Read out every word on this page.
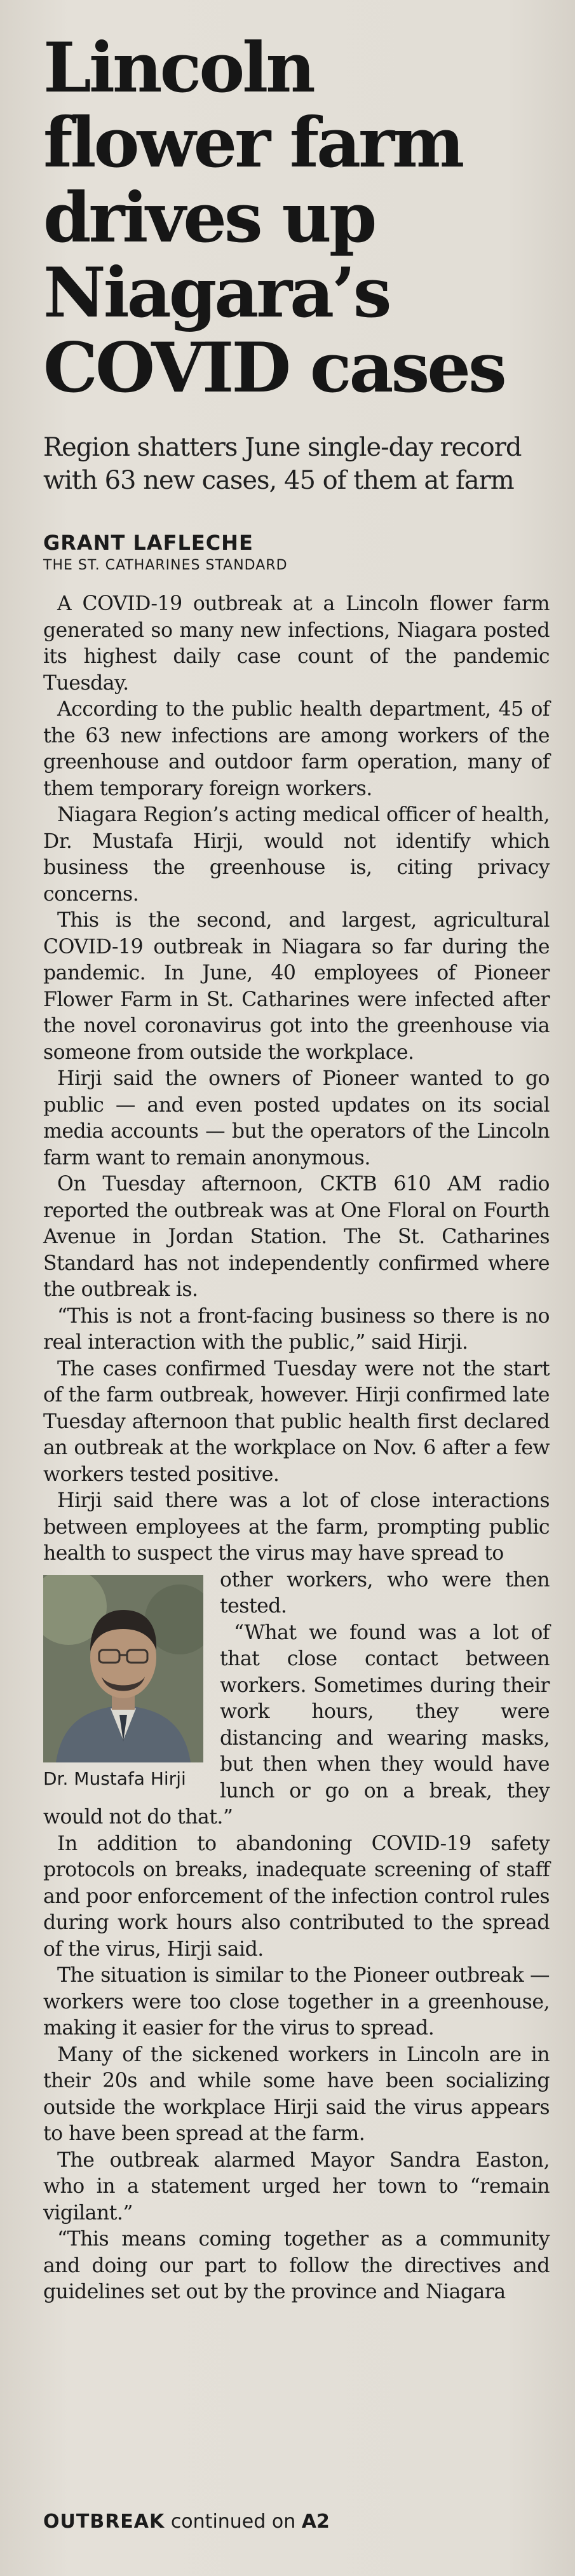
Lincoln flower farm drives up Niagara’s COVID cases
Region shatters June single-day record with 63 new cases, 45 of them at farm
GRANT LAFLECHE
THE ST. CATHARINES STANDARD

A COVID-19 outbreak at a Lincoln flower farm generated so many new infections, Niagara posted its highest daily case count of the pandemic Tuesday.

According to the public health department, 45 of the 63 new infections are among workers of the greenhouse and outdoor farm operation, many of them temporary foreign workers.

Niagara Region’s acting medical officer of health, Dr. Mustafa Hirji, would not identify which business the greenhouse is, citing privacy concerns.

This is the second, and largest, agricultural COVID-19 outbreak in Niagara so far during the pandemic. In June, 40 employees of Pioneer Flower Farm in St. Catharines were infected after the novel coronavirus got into the greenhouse via someone from outside the workplace.

Hirji said the owners of Pioneer wanted to go public — and even posted updates on its social media accounts — but the operators of the Lincoln farm want to remain anonymous.

On Tuesday afternoon, CKTB 610 AM radio reported the outbreak was at One Floral on Fourth Avenue in Jordan Station. The St. Catharines Standard has not independently confirmed where the outbreak is.

“This is not a front-facing business so there is no real interaction with the public,” said Hirji.

The cases confirmed Tuesday were not the start of the farm outbreak, however. Hirji confirmed late Tuesday afternoon that public health first declared an outbreak at the workplace on Nov. 6 after a few workers tested positive.

Hirji said there was a lot of close interactions between employees at the farm, prompting public health to suspect the virus may have spread to

Dr. Mustafa Hirji

other workers, who were then tested.

“What we found was a lot of that close contact between workers. Sometimes during their work hours, they were distancing and wearing masks, but then when they would have lunch or go on a break, they would not do that.”

In addition to abandoning COVID-19 safety protocols on breaks, inadequate screening of staff and poor enforcement of the infection control rules during work hours also contributed to the spread of the virus, Hirji said.

The situation is similar to the Pioneer outbreak — workers were too close together in a greenhouse, making it easier for the virus to spread.

Many of the sickened workers in Lincoln are in their 20s and while some have been socializing outside the workplace Hirji said the virus appears to have been spread at the farm.

The outbreak alarmed Mayor Sandra Easton, who in a statement urged her town to “remain vigilant.”

“This means coming together as a community and doing our part to follow the directives and guidelines set out by the province and Niagara

OUTBREAK continued on A2
